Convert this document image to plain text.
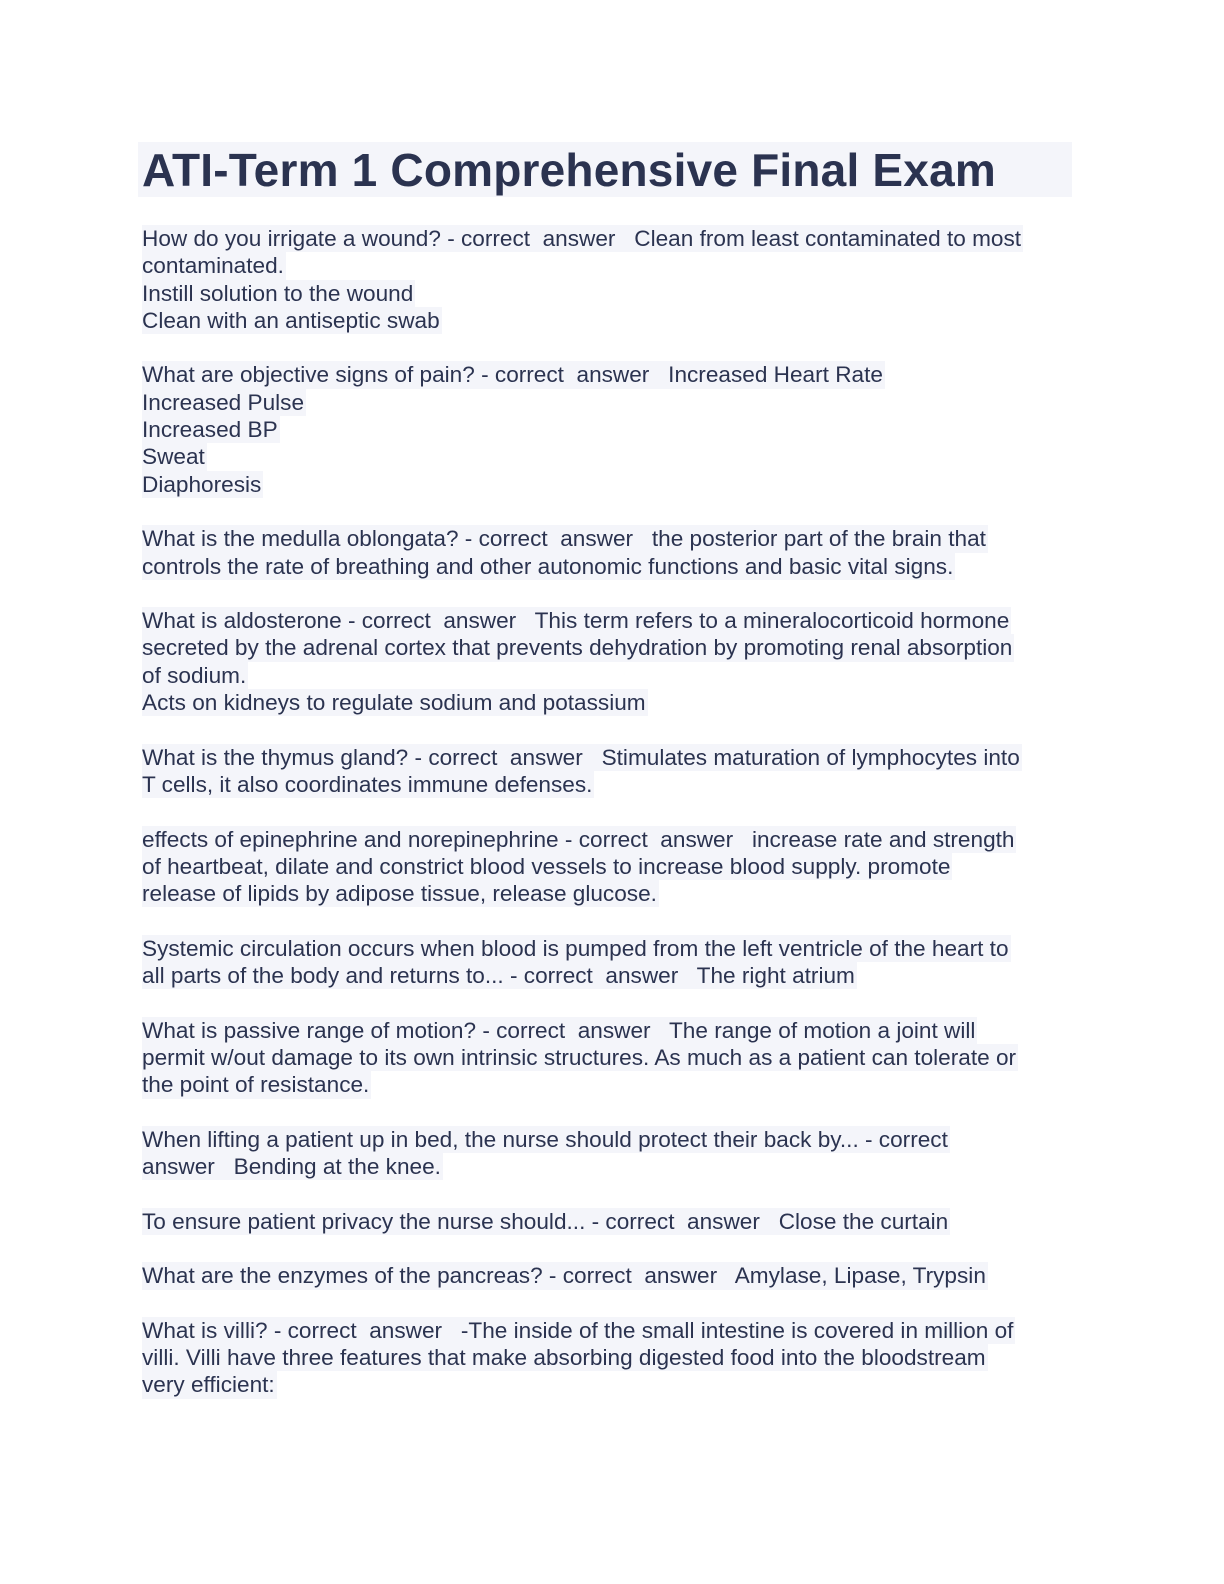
ATI-Term 1 Comprehensive Final Exam
How do you irrigate a wound? - correct  answer   Clean from least contaminated to most
contaminated.
Instill solution to the wound
Clean with an antiseptic swab
What are objective signs of pain? - correct  answer   Increased Heart Rate
Increased Pulse
Increased BP
Sweat
Diaphoresis
What is the medulla oblongata? - correct  answer   the posterior part of the brain that
controls the rate of breathing and other autonomic functions and basic vital signs.
What is aldosterone - correct  answer   This term refers to a mineralocorticoid hormone
secreted by the adrenal cortex that prevents dehydration by promoting renal absorption
of sodium.
Acts on kidneys to regulate sodium and potassium
What is the thymus gland? - correct  answer   Stimulates maturation of lymphocytes into
T cells, it also coordinates immune defenses.
effects of epinephrine and norepinephrine - correct  answer   increase rate and strength
of heartbeat, dilate and constrict blood vessels to increase blood supply. promote
release of lipids by adipose tissue, release glucose.
Systemic circulation occurs when blood is pumped from the left ventricle of the heart to
all parts of the body and returns to... - correct  answer   The right atrium
What is passive range of motion? - correct  answer   The range of motion a joint will
permit w/out damage to its own intrinsic structures. As much as a patient can tolerate or
the point of resistance.
When lifting a patient up in bed, the nurse should protect their back by... - correct
answer   Bending at the knee.
To ensure patient privacy the nurse should... - correct  answer   Close the curtain
What are the enzymes of the pancreas? - correct  answer   Amylase, Lipase, Trypsin
What is villi? - correct  answer   -The inside of the small intestine is covered in million of
villi. Villi have three features that make absorbing digested food into the bloodstream
very efficient:
